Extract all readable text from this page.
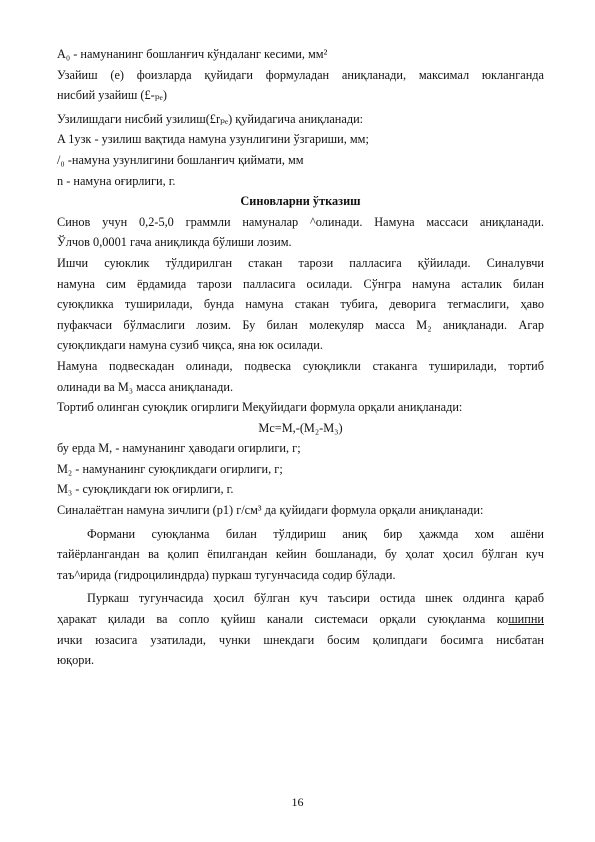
A₀ - намунанинг бошланғич кўндаланг кесими, мм²

Узайиш (е) фоизларда қуйидаги формуладан аниқланади, максимал юкланганда

нисбий узайиш (£-ₚₑ)

Узилишдаги нисбий узилиш(£rₚₑ) қуйидагича аниқланади:

A 1узк - узилиш вақтида намуна узунлигини ўзгариши, мм;

/₀ -намуна узунлигини бошланғич қиймати, мм

n - намуна оғирлиги, г.

Синовларни ўтказиш

Синов учун 0,2-5,0 граммли намуналар ^олинади. Намуна массаси аниқланади.

Ўлчов 0,0001 гача аниқликда бўлиши лозим.

Ишчи суюклик тўлдирилган стакан тарози палласига қўйилади. Синалувчи

намуна сим ёрдамида тарози палласига осилади. Сўнгра намуна асталик билан

суюқликка туширилади, бунда намуна стакан тубига, деворига тегмаслиги, ҳаво

пуфакчаси бўлмаслиги лозим. Бу билан молекуляр масса M₂ аниқланади. Агар

суюқликдаги намуна сузиб чиқса, яна юк осилади.

Намуна подвескадан олинади, подвеска суюқликли стаканга туширилади, тортиб

олинади ва M₃ масса аниқланади.

Тортиб олинган суюқлик огирлиги Mеқуйидаги формула орқали аниқланади:

Mc=M,-(M₂-M₃)

бу ерда M, - намунанинг ҳаводаги огирлиги, г;

M₂ - намунанинг суюқликдаги огирлиги, г;

M₃ - суюқликдаги юк оғирлиги, г.

Синалаётган намуна зичлиги (p1) г/см³ да қуйидаги формула орқали аниқланади:

Формани суюқланма билан тўлдириш аниқ бир ҳажмда хом ашёни

тайёрлангандан ва қолип ёпилгандан кейин бошланади, бу ҳолат ҳосил бўлган куч

таъ^ирида (гидроцилиндрда) пуркаш тугунчасида содир бўлади.

Пуркаш тугунчасида ҳосил бўлган куч таъсири остида шнек олдинга қараб

ҳаракат қилади ва сопло қуйиш канали системаси орқали суюқланма кошипни

ички юзасига узатилади, чунки шнекдаги босим қолипдаги босимга нисбатан

юқори.

16
